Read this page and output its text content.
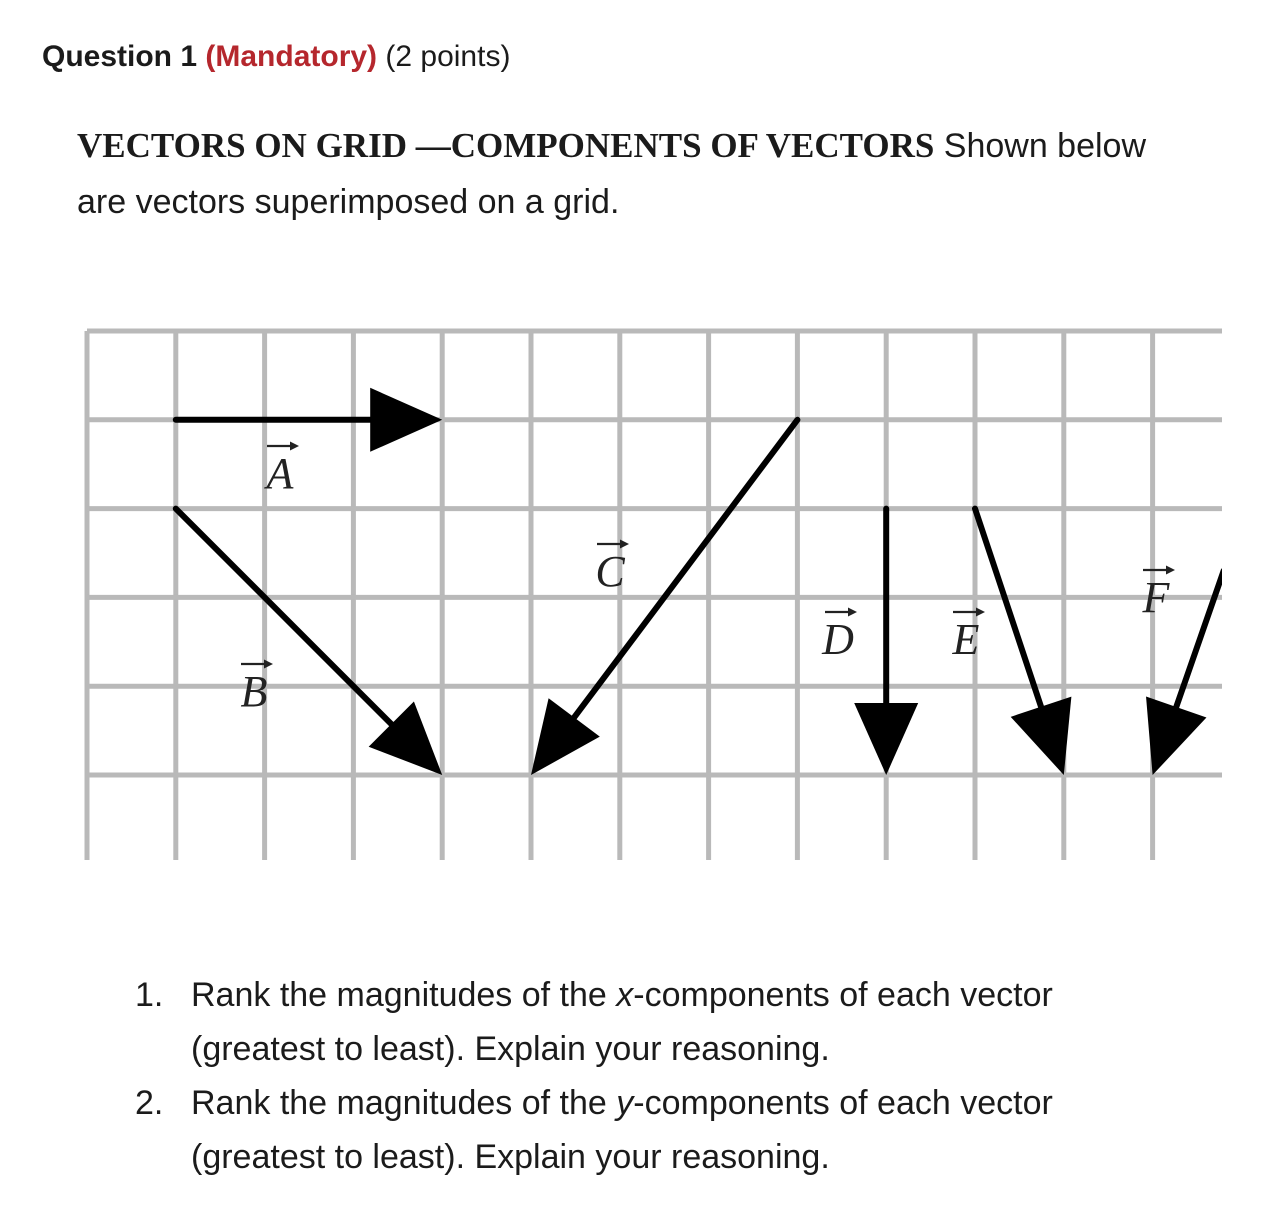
Question 1 (Mandatory) (2 points)
VECTORS ON GRID —COMPONENTS OF VECTORS Shown below are vectors superimposed on a grid.
A
B
C
D E
F
1. Rank the magnitudes of the x-components of each vector (greatest to least). Explain your reasoning.
2. Rank the magnitudes of the y-components of each vector (greatest to least). Explain your reasoning.
